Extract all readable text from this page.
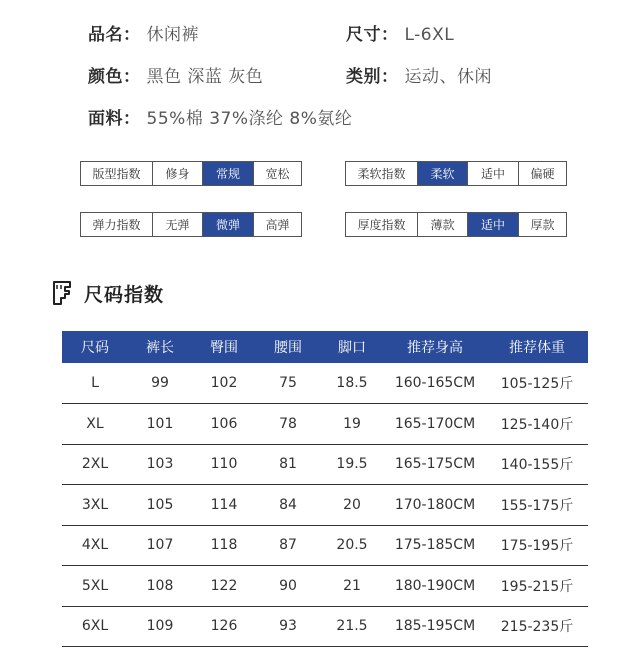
品名： 休闲裤	尺寸： L-6XL
颜色： 黑色 深蓝 灰色	类别： 运动、休闲
面料： 55%棉 37%涤纶 8%氨纶
版型指数	修身	常规	宽松	柔软指数	柔软	适中	偏硬
弹力指数	无弹	微弹	高弹	厚度指数	薄款	适中	厚款
尺码指数
尺码	裤长	臀围	腰围	脚口	推荐身高	推荐体重
L	99	102	75	18.5	160-165CM	105-125斤
XL	101	106	78	19	165-170CM	125-140斤
2XL	103	110	81	19.5	165-175CM	140-155斤
3XL	105	114	84	20	170-180CM	155-175斤
4XL	107	118	87	20.5	175-185CM	175-195斤
5XL	108	122	90	21	180-190CM	195-215斤
6XL	109	126	93	21.5	185-195CM	215-235斤
